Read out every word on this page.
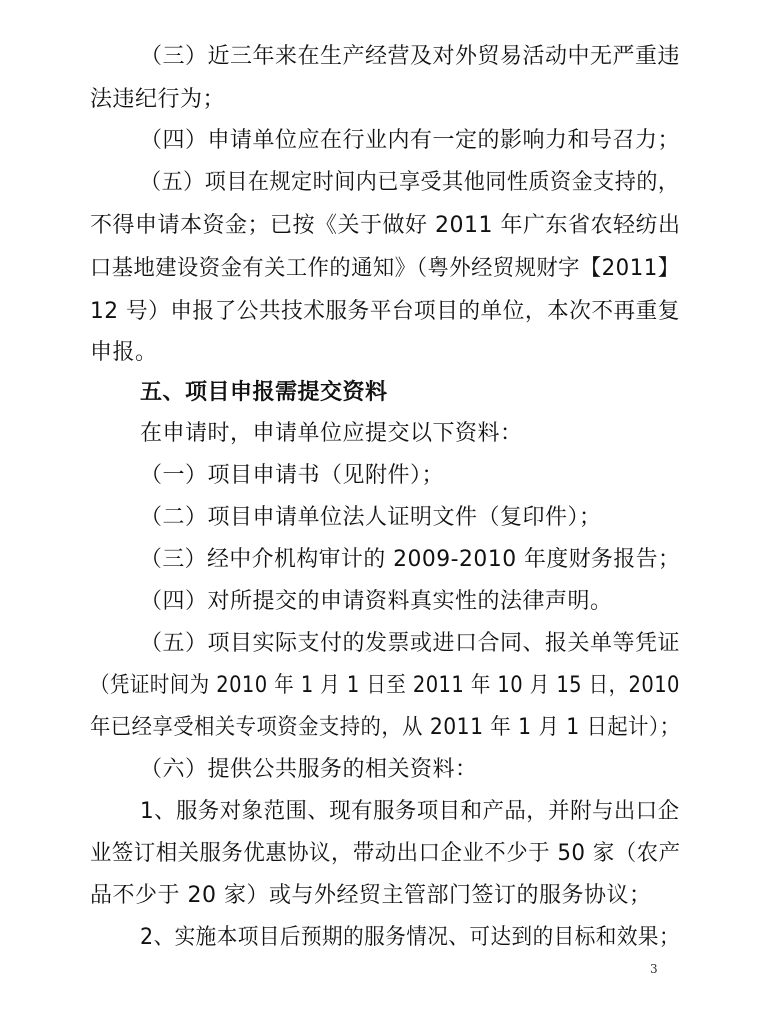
（三）近三年来在生产经营及对外贸易活动中无严重违
法违纪行为；
（四）申请单位应在行业内有一定的影响力和号召力；
（五）项目在规定时间内已享受其他同性质资金支持的，
不得申请本资金；已按《关于做好 2011 年广东省农轻纺出
口基地建设资金有关工作的通知》（粤外经贸规财字【2011】
12 号）申报了公共技术服务平台项目的单位，本次不再重复
申报。
五、项目申报需提交资料
在申请时，申请单位应提交以下资料：
（一）项目申请书（见附件）；
（二）项目申请单位法人证明文件（复印件）；
（三）经中介机构审计的 2009-2010 年度财务报告；
（四）对所提交的申请资料真实性的法律声明。
（五）项目实际支付的发票或进口合同、报关单等凭证
（凭证时间为 2010 年 1 月 1 日至 2011 年 10 月 15 日，2010
年已经享受相关专项资金支持的，从 2011 年 1 月 1 日起计）；
（六）提供公共服务的相关资料：
1、服务对象范围、现有服务项目和产品，并附与出口企
业签订相关服务优惠协议，带动出口企业不少于 50 家（农产
品不少于 20 家）或与外经贸主管部门签订的服务协议；
2、实施本项目后预期的服务情况、可达到的目标和效果；
3
